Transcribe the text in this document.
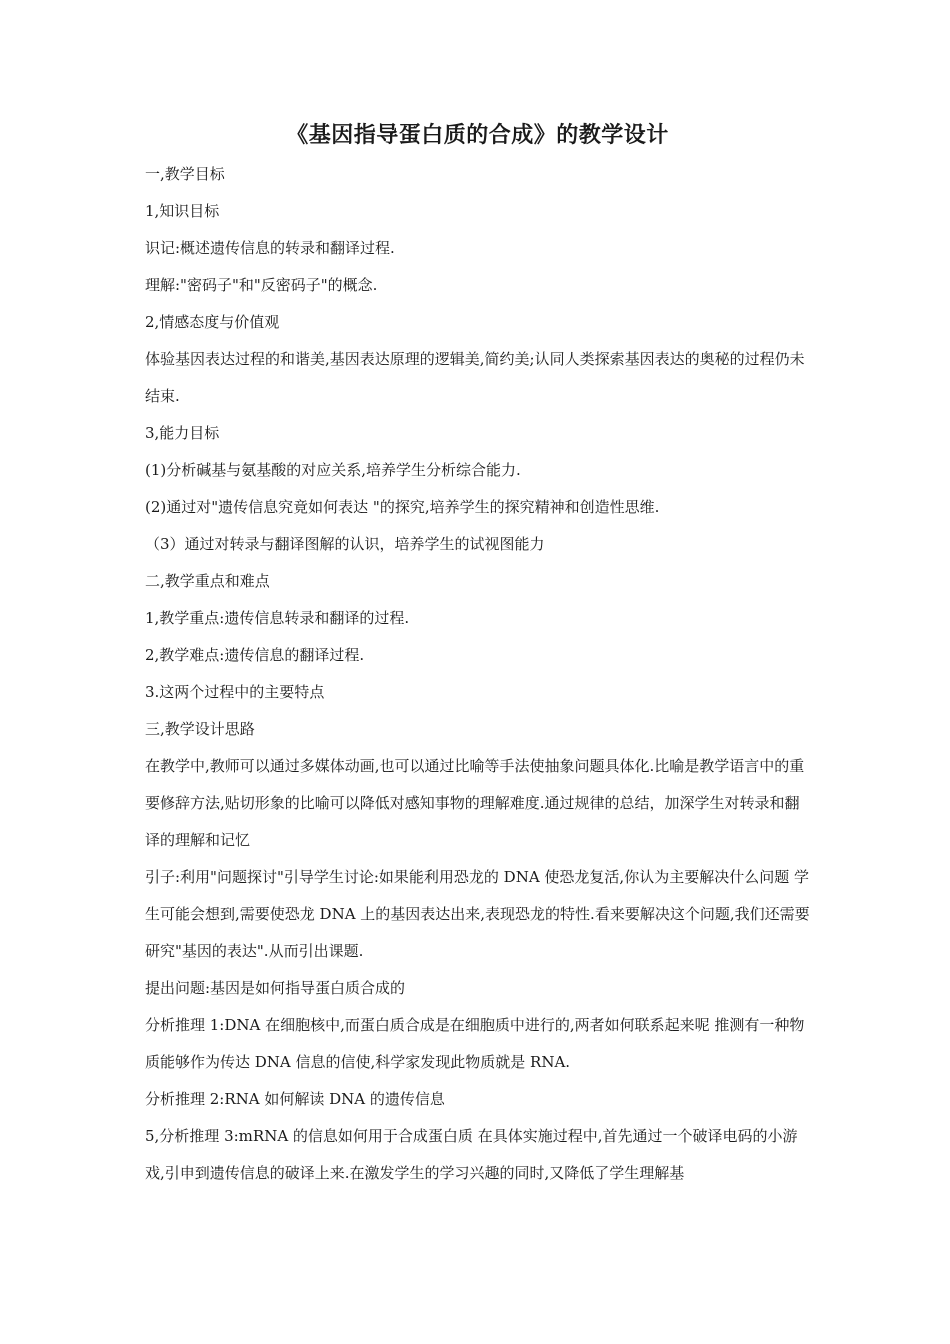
《基因指导蛋白质的合成》的教学设计

一,教学目标

1,知识目标

识记:概述遗传信息的转录和翻译过程.

理解:"密码子"和"反密码子"的概念.

2,情感态度与价值观

体验基因表达过程的和谐美,基因表达原理的逻辑美,简约美;认同人类探索基因表达的奥秘的过程仍未结束.

3,能力目标

(1)分析碱基与氨基酸的对应关系,培养学生分析综合能力.

(2)通过对"遗传信息究竟如何表达 "的探究,培养学生的探究精神和创造性思维.

（3）通过对转录与翻译图解的认识，培养学生的试视图能力

二,教学重点和难点

1,教学重点:遗传信息转录和翻译的过程.

2,教学难点:遗传信息的翻译过程.

3.这两个过程中的主要特点

三,教学设计思路

在教学中,教师可以通过多媒体动画,也可以通过比喻等手法使抽象问题具体化.比喻是教学语言中的重要修辞方法,贴切形象的比喻可以降低对感知事物的理解难度.通过规律的总结，加深学生对转录和翻译的理解和记忆

引子:利用"问题探讨"引导学生讨论:如果能利用恐龙的 DNA 使恐龙复活,你认为主要解决什么问题 学生可能会想到,需要使恐龙 DNA 上的基因表达出来,表现恐龙的特性.看来要解决这个问题,我们还需要研究"基因的表达".从而引出课题.

提出问题:基因是如何指导蛋白质合成的

分析推理 1:DNA 在细胞核中,而蛋白质合成是在细胞质中进行的,两者如何联系起来呢 推测有一种物质能够作为传达 DNA 信息的信使,科学家发现此物质就是 RNA.

分析推理 2:RNA 如何解读 DNA 的遗传信息

5,分析推理 3:mRNA 的信息如何用于合成蛋白质 在具体实施过程中,首先通过一个破译电码的小游戏,引申到遗传信息的破译上来.在激发学生的学习兴趣的同时,又降低了学生理解基
